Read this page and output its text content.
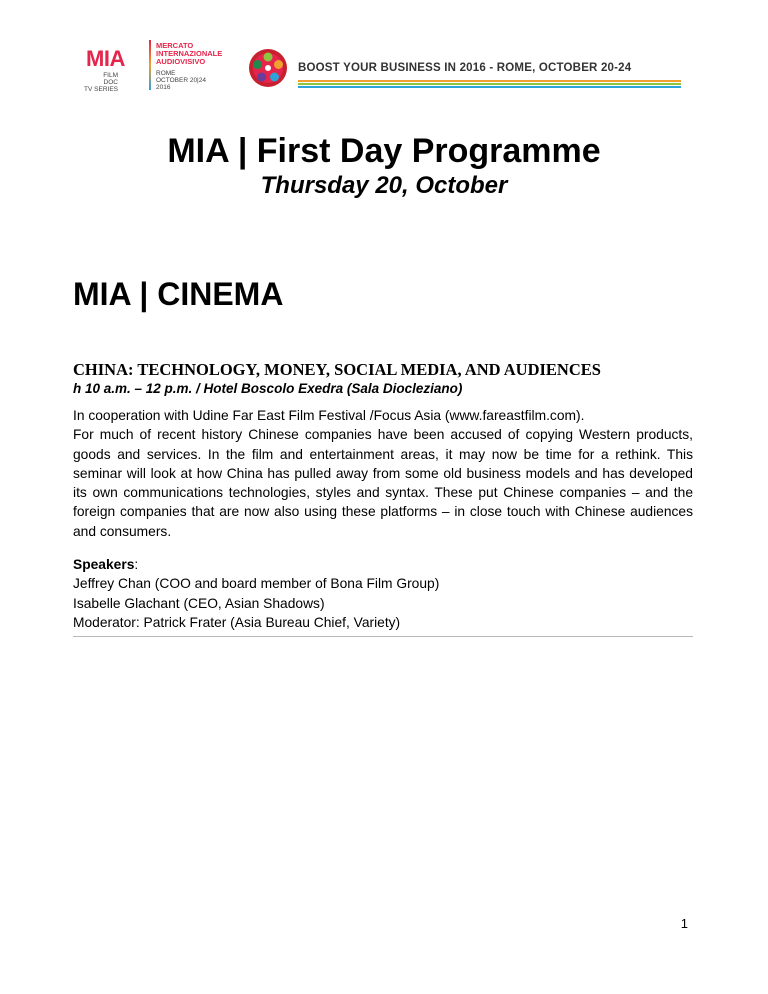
MIA
FILM
DOC
TV SERIES
MERCATO
INTERNAZIONALE
AUDIOVISIVO
ROME
OCTOBER 20|24
2016
BOOST YOUR BUSINESS IN 2016 - ROME, OCTOBER 20-24
MIA | First Day Programme
Thursday 20, October
MIA | CINEMA
CHINA: TECHNOLOGY, MONEY, SOCIAL MEDIA, AND AUDIENCES

h 10 a.m. – 12 p.m. / Hotel Boscolo Exedra (Sala Diocleziano)

In cooperation with Udine Far East Film Festival /Focus Asia (www.fareastfilm.com).

For much of recent history Chinese companies have been accused of copying Western products, goods and services. In the film and entertainment areas, it may now be time for a rethink. This seminar will look at how China has pulled away from some old business models and has developed its own communications technologies, styles and syntax. These put Chinese companies – and the foreign companies that are now also using these platforms – in close touch with Chinese audiences and consumers.

Speakers:
Jeffrey Chan (COO and board member of Bona Film Group)
Isabelle Glachant (CEO, Asian Shadows)
Moderator: Patrick Frater (Asia Bureau Chief, Variety)
1
